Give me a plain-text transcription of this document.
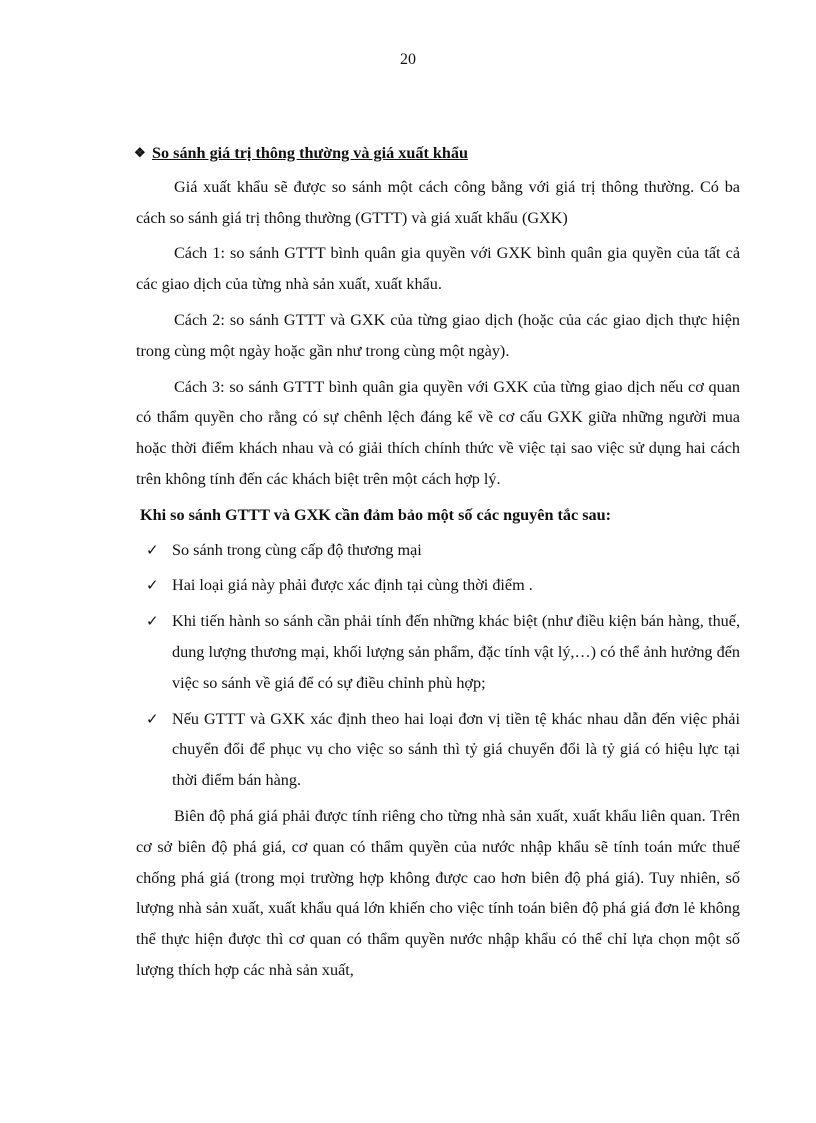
20
❖ So sánh giá trị thông thường và giá xuất khẩu

Giá xuất khẩu sẽ được so sánh một cách công bằng với giá trị thông thường. Có ba cách so sánh giá trị thông thường (GTTT) và giá xuất khẩu (GXK)

Cách 1: so sánh GTTT bình quân gia quyền với GXK bình quân gia quyền của tất cả các giao dịch của từng nhà sản xuất, xuất khẩu.

Cách 2: so sánh GTTT và GXK của từng giao dịch (hoặc của các giao dịch thực hiện trong cùng một ngày hoặc gần như trong cùng một ngày).

Cách 3: so sánh GTTT bình quân gia quyền với GXK của từng giao dịch nếu cơ quan có thẩm quyền cho rằng có sự chênh lệch đáng kể về cơ cấu GXK giữa những người mua hoặc thời điểm khách nhau và có giải thích chính thức về việc tại sao việc sử dụng hai cách trên không tính đến các khách biệt trên một cách hợp lý.

Khi so sánh GTTT và GXK cần đảm bảo một số các nguyên tắc sau:
✓ So sánh trong cùng cấp độ thương mại
✓ Hai loại giá này phải được xác định tại cùng thời điểm .
✓ Khi tiến hành so sánh cần phải tính đến những khác biệt (như điều kiện bán hàng, thuế, dung lượng thương mại, khối lượng sản phẩm, đặc tính vật lý,…) có thể ảnh hưởng đến việc so sánh về giá để có sự điều chỉnh phù hợp;
✓ Nếu GTTT và GXK xác định theo hai loại đơn vị tiền tệ khác nhau dẫn đến việc phải chuyển đổi để phục vụ cho việc so sánh thì tỷ giá chuyển đổi là tỷ giá có hiệu lực tại thời điểm bán hàng.

Biên độ phá giá phải được tính riêng cho từng nhà sản xuất, xuất khẩu liên quan. Trên cơ sở biên độ phá giá, cơ quan có thẩm quyền của nước nhập khẩu sẽ tính toán mức thuế chống phá giá (trong mọi trường hợp không được cao hơn biên độ phá giá). Tuy nhiên, số lượng nhà sản xuất, xuất khẩu quá lớn khiến cho việc tính toán biên độ phá giá đơn lẻ không thể thực hiện được thì cơ quan có thẩm quyền nước nhập khẩu có thể chỉ lựa chọn một số lượng thích hợp các nhà sản xuất,
